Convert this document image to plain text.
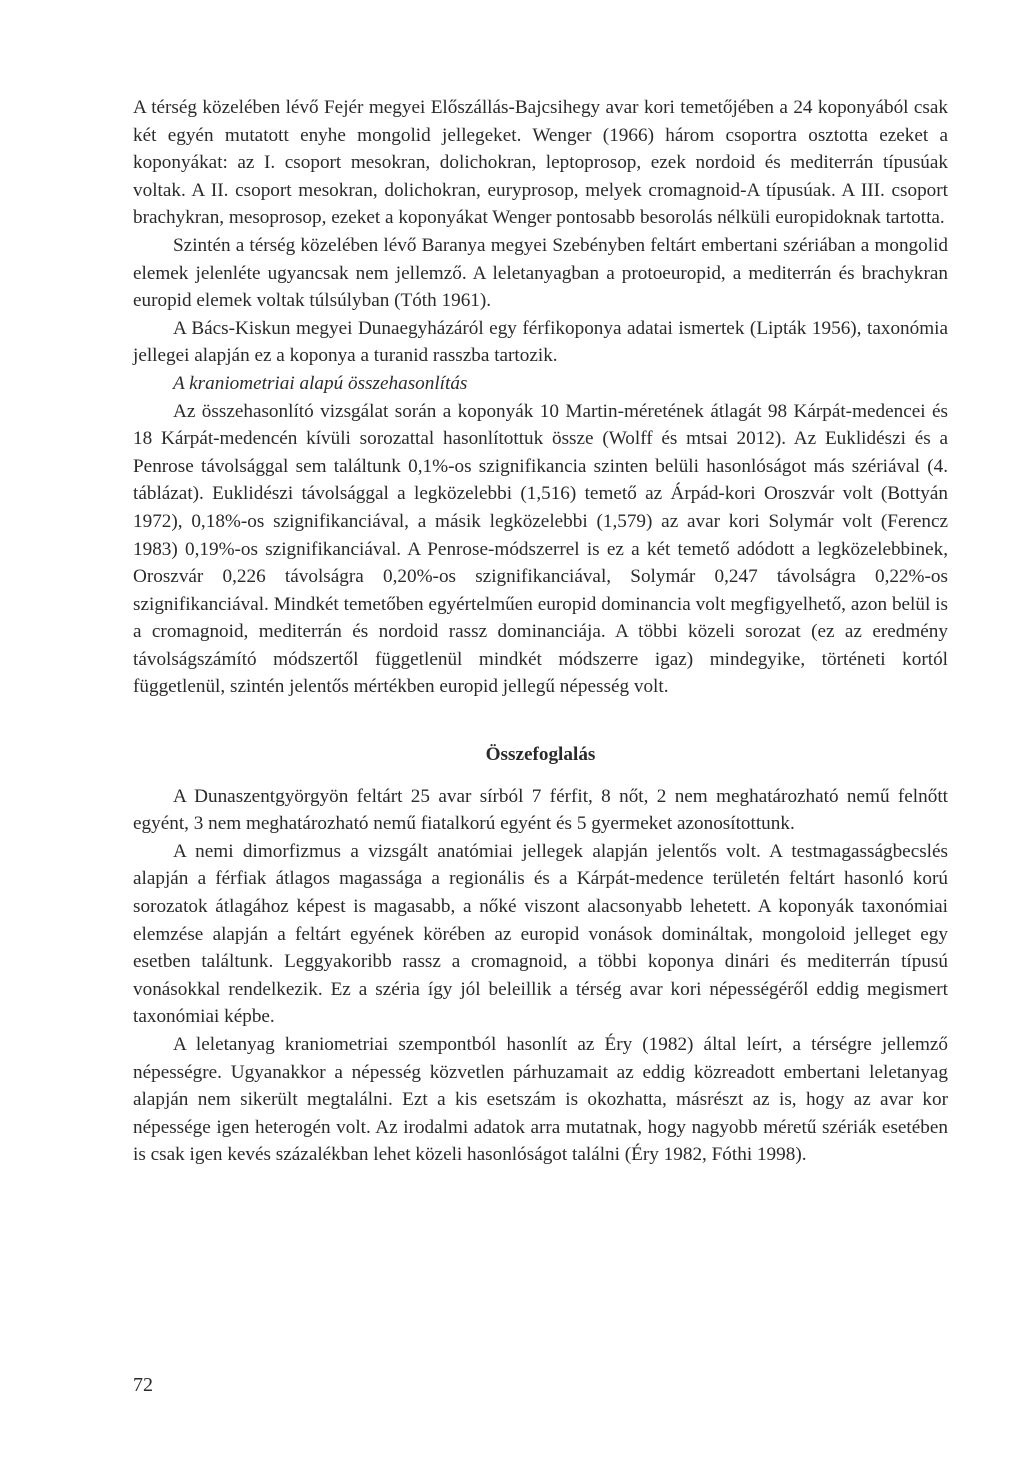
A térség közelében lévő Fejér megyei Előszállás-Bajcsihegy avar kori temetőjében a 24 koponyából csak két egyén mutatott enyhe mongolid jellegeket. Wenger (1966) három csoportra osztotta ezeket a koponyákat: az I. csoport mesokran, dolichokran, leptoprosop, ezek nordoid és mediterrán típusúak voltak. A II. csoport mesokran, dolichokran, euryprosop, melyek cromagnoid-A típusúak. A III. csoport brachykran, mesoprosop, ezeket a koponyákat Wenger pontosabb besorolás nélküli europidoknak tartotta.

Szintén a térség közelében lévő Baranya megyei Szebényben feltárt embertani szériában a mongolid elemek jelenléte ugyancsak nem jellemző. A leletanyagban a protoeuropid, a mediterrán és brachykran europid elemek voltak túlsúlyban (Tóth 1961).

A Bács-Kiskun megyei Dunaegyházáról egy férfikoponya adatai ismertek (Lipták 1956), taxonómia jellegei alapján ez a koponya a turanid rasszba tartozik.

A kraniometriai alapú összehasonlítás

Az összehasonlító vizsgálat során a koponyák 10 Martin-méretének átlagát 98 Kárpát-medencei és 18 Kárpát-medencén kívüli sorozattal hasonlítottuk össze (Wolff és mtsai 2012). Az Euklidészi és a Penrose távolsággal sem találtunk 0,1%-os szignifikancia szinten belüli hasonlóságot más szériával (4. táblázat). Euklidészi távolsággal a legközelebbi (1,516) temető az Árpád-kori Oroszvár volt (Bottyán 1972), 0,18%-os szignifikanciával, a másik legközelebbi (1,579) az avar kori Solymár volt (Ferencz 1983) 0,19%-os szignifikanciával. A Penrose-módszerrel is ez a két temető adódott a legközelebbinek, Oroszvár 0,226 távolságra 0,20%-os szignifikanciával, Solymár 0,247 távolságra 0,22%-os szignifikanciával. Mindkét temetőben egyértelműen europid dominancia volt megfigyelhető, azon belül is a cromagnoid, mediterrán és nordoid rassz dominanciája. A többi közeli sorozat (ez az eredmény távolságszámító módszertől függetlenül mindkét módszerre igaz) mindegyike, történeti kortól függetlenül, szintén jelentős mértékben europid jellegű népesség volt.

Összefoglalás

A Dunaszentgyörgyön feltárt 25 avar sírból 7 férfit, 8 nőt, 2 nem meghatározható nemű felnőtt egyént, 3 nem meghatározható nemű fiatalkorú egyént és 5 gyermeket azonosítottunk.

A nemi dimorfizmus a vizsgált anatómiai jellegek alapján jelentős volt. A testmagasságbecslés alapján a férfiak átlagos magassága a regionális és a Kárpát-medence területén feltárt hasonló korú sorozatok átlagához képest is magasabb, a nőké viszont alacsonyabb lehetett. A koponyák taxonómiai elemzése alapján a feltárt egyének körében az europid vonások domináltak, mongoloid jelleget egy esetben találtunk. Leggyakoribb rassz a cromagnoid, a többi koponya dinári és mediterrán típusú vonásokkal rendelkezik. Ez a széria így jól beleillik a térség avar kori népességéről eddig megismert taxonómiai képbe.

A leletanyag kraniometriai szempontból hasonlít az Éry (1982) által leírt, a térségre jellemző népességre. Ugyanakkor a népesség közvetlen párhuzamait az eddig közreadott embertani leletanyag alapján nem sikerült megtalálni. Ezt a kis esetszám is okozhatta, másrészt az is, hogy az avar kor népessége igen heterogén volt. Az irodalmi adatok arra mutatnak, hogy nagyobb méretű szériák esetében is csak igen kevés százalékban lehet közeli hasonlóságot találni (Éry 1982, Fóthi 1998).

72
